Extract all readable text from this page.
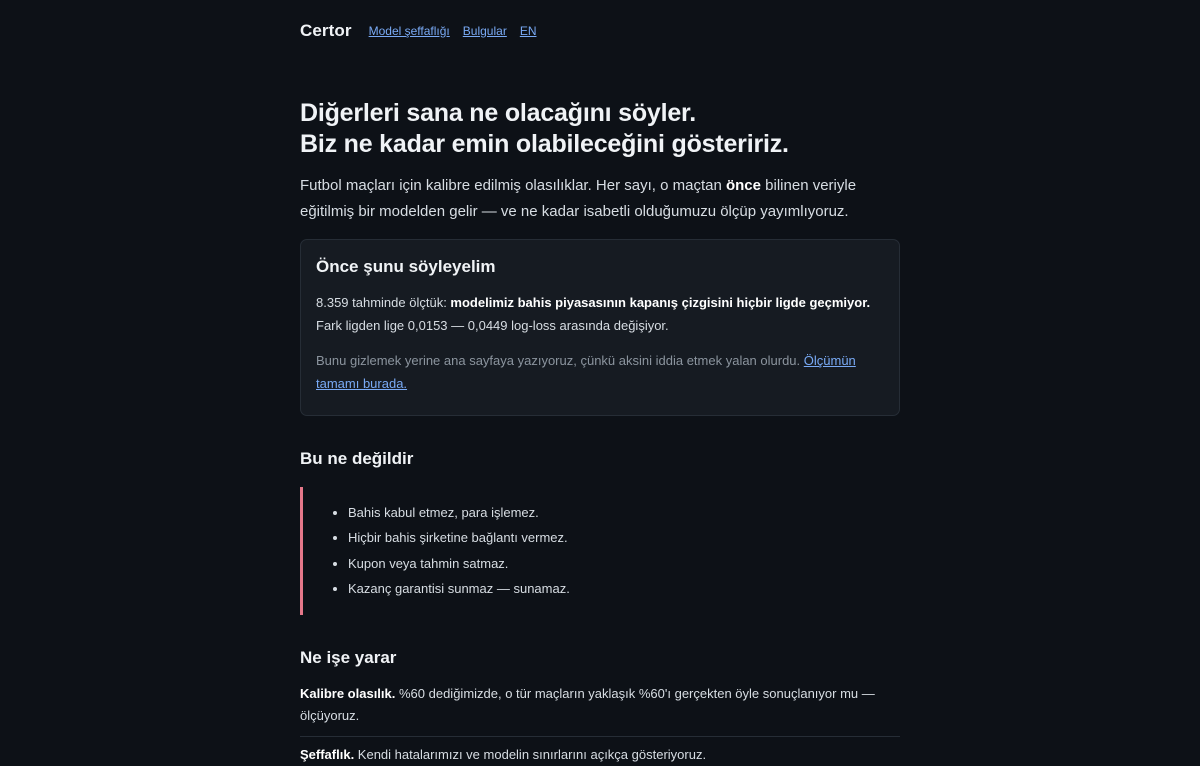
Certor Model şeffaflığı Bulgular EN
Diğerleri sana ne olacağını söyler.
Biz ne kadar emin olabileceğini gösteririz.

Futbol maçları için kalibre edilmiş olasılıklar. Her sayı, o maçtan önce bilinen veriyle eğitilmiş bir modelden gelir — ve ne kadar isabetli olduğumuzu ölçüp yayımlıyoruz.

Önce şunu söyleyelim

8.359 tahminde ölçtük: modelimiz bahis piyasasının kapanış çizgisini hiçbir ligde geçmiyor. Fark ligden lige 0,0153 — 0,0449 log-loss arasında değişiyor.

Bunu gizlemek yerine ana sayfaya yazıyoruz, çünkü aksini iddia etmek yalan olurdu. Ölçümün tamamı burada.

Bu ne değildir
• Bahis kabul etmez, para işlemez.
• Hiçbir bahis şirketine bağlantı vermez.
• Kupon veya tahmin satmaz.
• Kazanç garantisi sunmaz — sunamaz.
Ne işe yarar
Kalibre olasılık. %60 dediğimizde, o tür maçların yaklaşık %60'ı gerçekten öyle sonuçlanıyor mu — ölçüyoruz.
Şeffaflık. Kendi hatalarımızı ve modelin sınırlarını açıkça gösteriyoruz.
